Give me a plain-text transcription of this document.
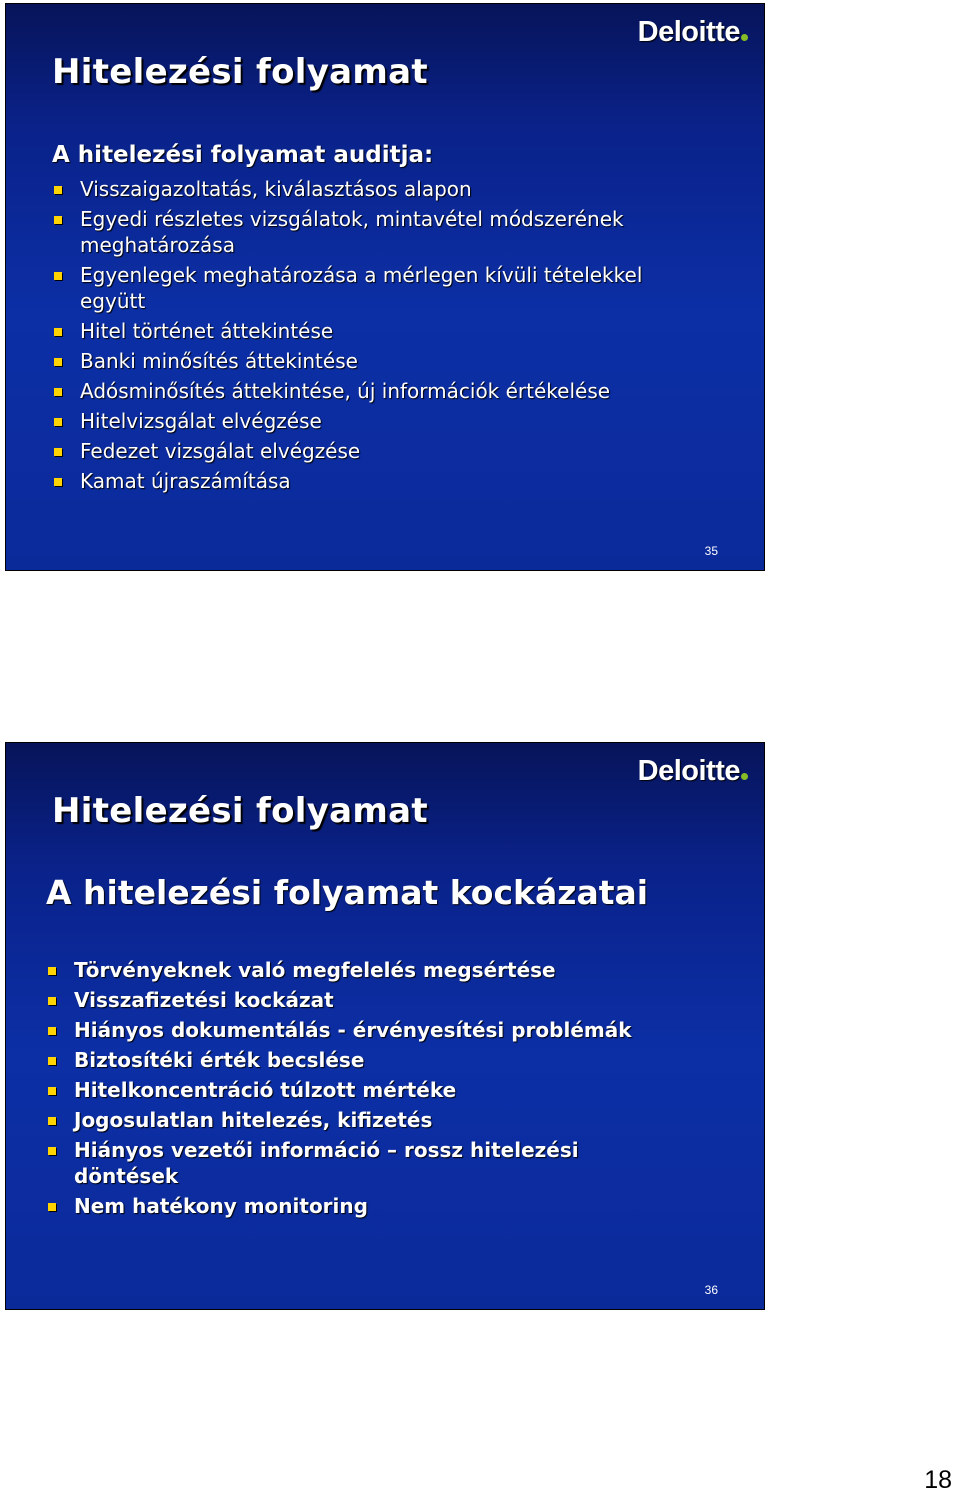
Hitelezési folyamat
Deloitte
A hitelezési folyamat auditja:
Visszaigazoltatás, kiválasztásos alapon
Egyedi részletes vizsgálatok, mintavétel módszerének meghatározása
Egyenlegek meghatározása a mérlegen kívüli tételekkel együtt
Hitel történet áttekintése
Banki minősítés áttekintése
Adósminősítés áttekintése, új információk értékelése
Hitelvizsgálat elvégzése
Fedezet vizsgálat elvégzése
Kamat újraszámítása
35
Hitelezési folyamat
Deloitte
A hitelezési folyamat kockázatai
Törvényeknek való megfelelés megsértése
Visszafizetési kockázat
Hiányos dokumentálás - érvényesítési problémák
Biztosítéki érték becslése
Hitelkoncentráció túlzott mértéke
Jogosulatlan hitelezés, kifizetés
Hiányos vezetői információ – rossz hitelezési döntések
Nem hatékony monitoring
36
18
